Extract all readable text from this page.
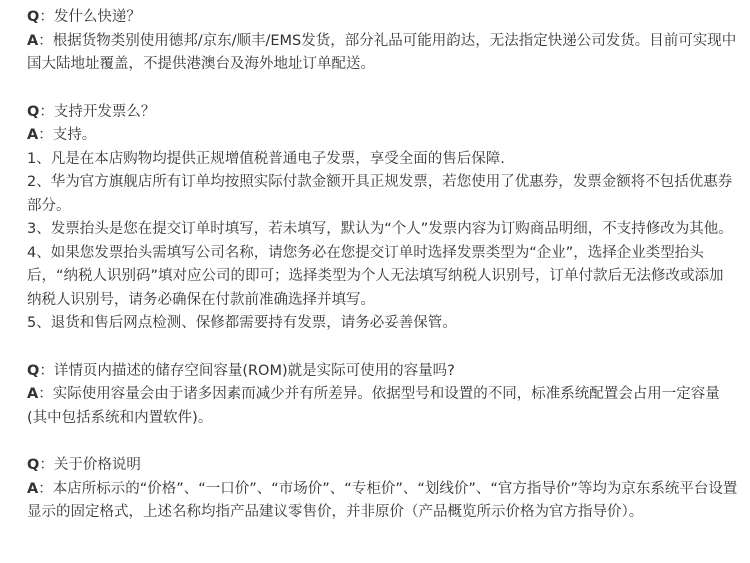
Q：发什么快递？
A：根据货物类别使用德邦/京东/顺丰/EMS发货，部分礼品可能用韵达，无法指定快递公司发货。目前可实现中国大陆地址覆盖，不提供港澳台及海外地址订单配送。
Q：支持开发票么？
A：支持。
1、凡是在本店购物均提供正规增值税普通电子发票，享受全面的售后保障.
2、华为官方旗舰店所有订单均按照实际付款金额开具正规发票，若您使用了优惠券，发票金额将不包括优惠券部分。
3、发票抬头是您在提交订单时填写，若未填写，默认为“个人”发票内容为订购商品明细，不支持修改为其他。
4、如果您发票抬头需填写公司名称，请您务必在您提交订单时选择发票类型为“企业”，选择企业类型抬头后，“纳税人识别码”填对应公司的即可；选择类型为个人无法填写纳税人识别号，订单付款后无法修改或添加纳税人识别号，请务必确保在付款前准确选择并填写。
5、退货和售后网点检测、保修都需要持有发票，请务必妥善保管。
Q：详情页内描述的储存空间容量(ROM)就是实际可使用的容量吗?
A：实际使用容量会由于诸多因素而减少并有所差异。依据型号和设置的不同，标准系统配置会占用一定容量(其中包括系统和内置软件)。
Q：关于价格说明
A：本店所标示的“价格”、“一口价”、“市场价”、“专柜价”、“划线价”、“官方指导价”等均为京东系统平台设置显示的固定格式，上述名称均指产品建议零售价，并非原价（产品概览所示价格为官方指导价）。
